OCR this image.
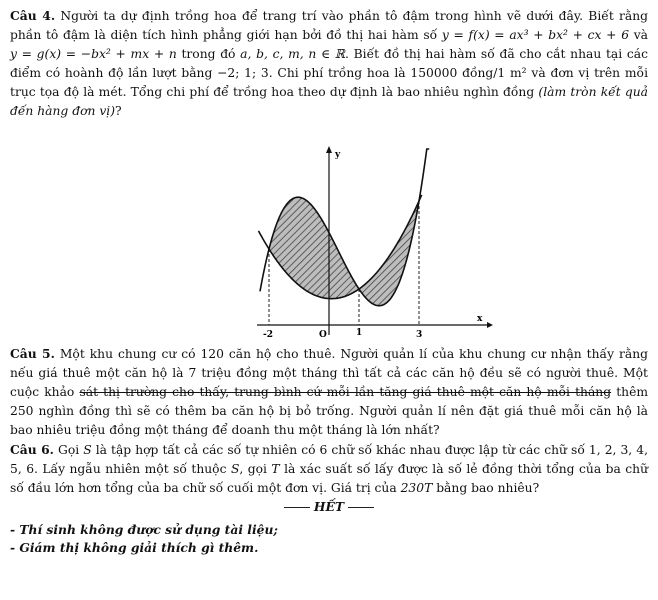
Câu 4. Người ta dự định trồng hoa để trang trí vào phần tô đậm trong hình vẽ dưới đây. Biết rằng phần tô đậm là diện tích hình phẳng giới hạn bởi đồ thị hai hàm số y = f(x) = ax³ + bx² + cx + 6 và y = g(x) = −bx² + mx + n trong đó a, b, c, m, n ∈ ℝ. Biết đồ thị hai hàm số đã cho cắt nhau tại các điểm có hoành độ lần lượt bằng −2; 1; 3. Chi phí trồng hoa là 150000 đồng/1 m² và đơn vị trên mỗi trục tọa độ là mét. Tổng chi phí để trồng hoa theo dự định là bao nhiêu nghìn đồng (làm tròn kết quả đến hàng đơn vị)?

y
x
-2	O	1	3

Câu 5. Một khu chung cư có 120 căn hộ cho thuê. Người quản lí của khu chung cư nhận thấy rằng nếu giá thuê một căn hộ là 7 triệu đồng một tháng thì tất cả các căn hộ đều sẽ có người thuê. Một cuộc khảo sát thị trường cho thấy, trung bình cứ mỗi lần tăng giá thuê một căn hộ mỗi tháng thêm 250 nghìn đồng thì sẽ có thêm ba căn hộ bị bỏ trống. Người quản lí nên đặt giá thuê mỗi căn hộ là bao nhiêu triệu đồng một tháng để doanh thu một tháng là lớn nhất?

Câu 6. Gọi S là tập hợp tất cả các số tự nhiên có 6 chữ số khác nhau được lập từ các chữ số 1, 2, 3, 4, 5, 6. Lấy ngẫu nhiên một số thuộc S, gọi T là xác suất số lấy được là số lẻ đồng thời tổng của ba chữ số đầu lớn hơn tổng của ba chữ số cuối một đơn vị. Giá trị của 230T bằng bao nhiêu?

HẾT

- Thí sinh không được sử dụng tài liệu;

- Giám thị không giải thích gì thêm.
